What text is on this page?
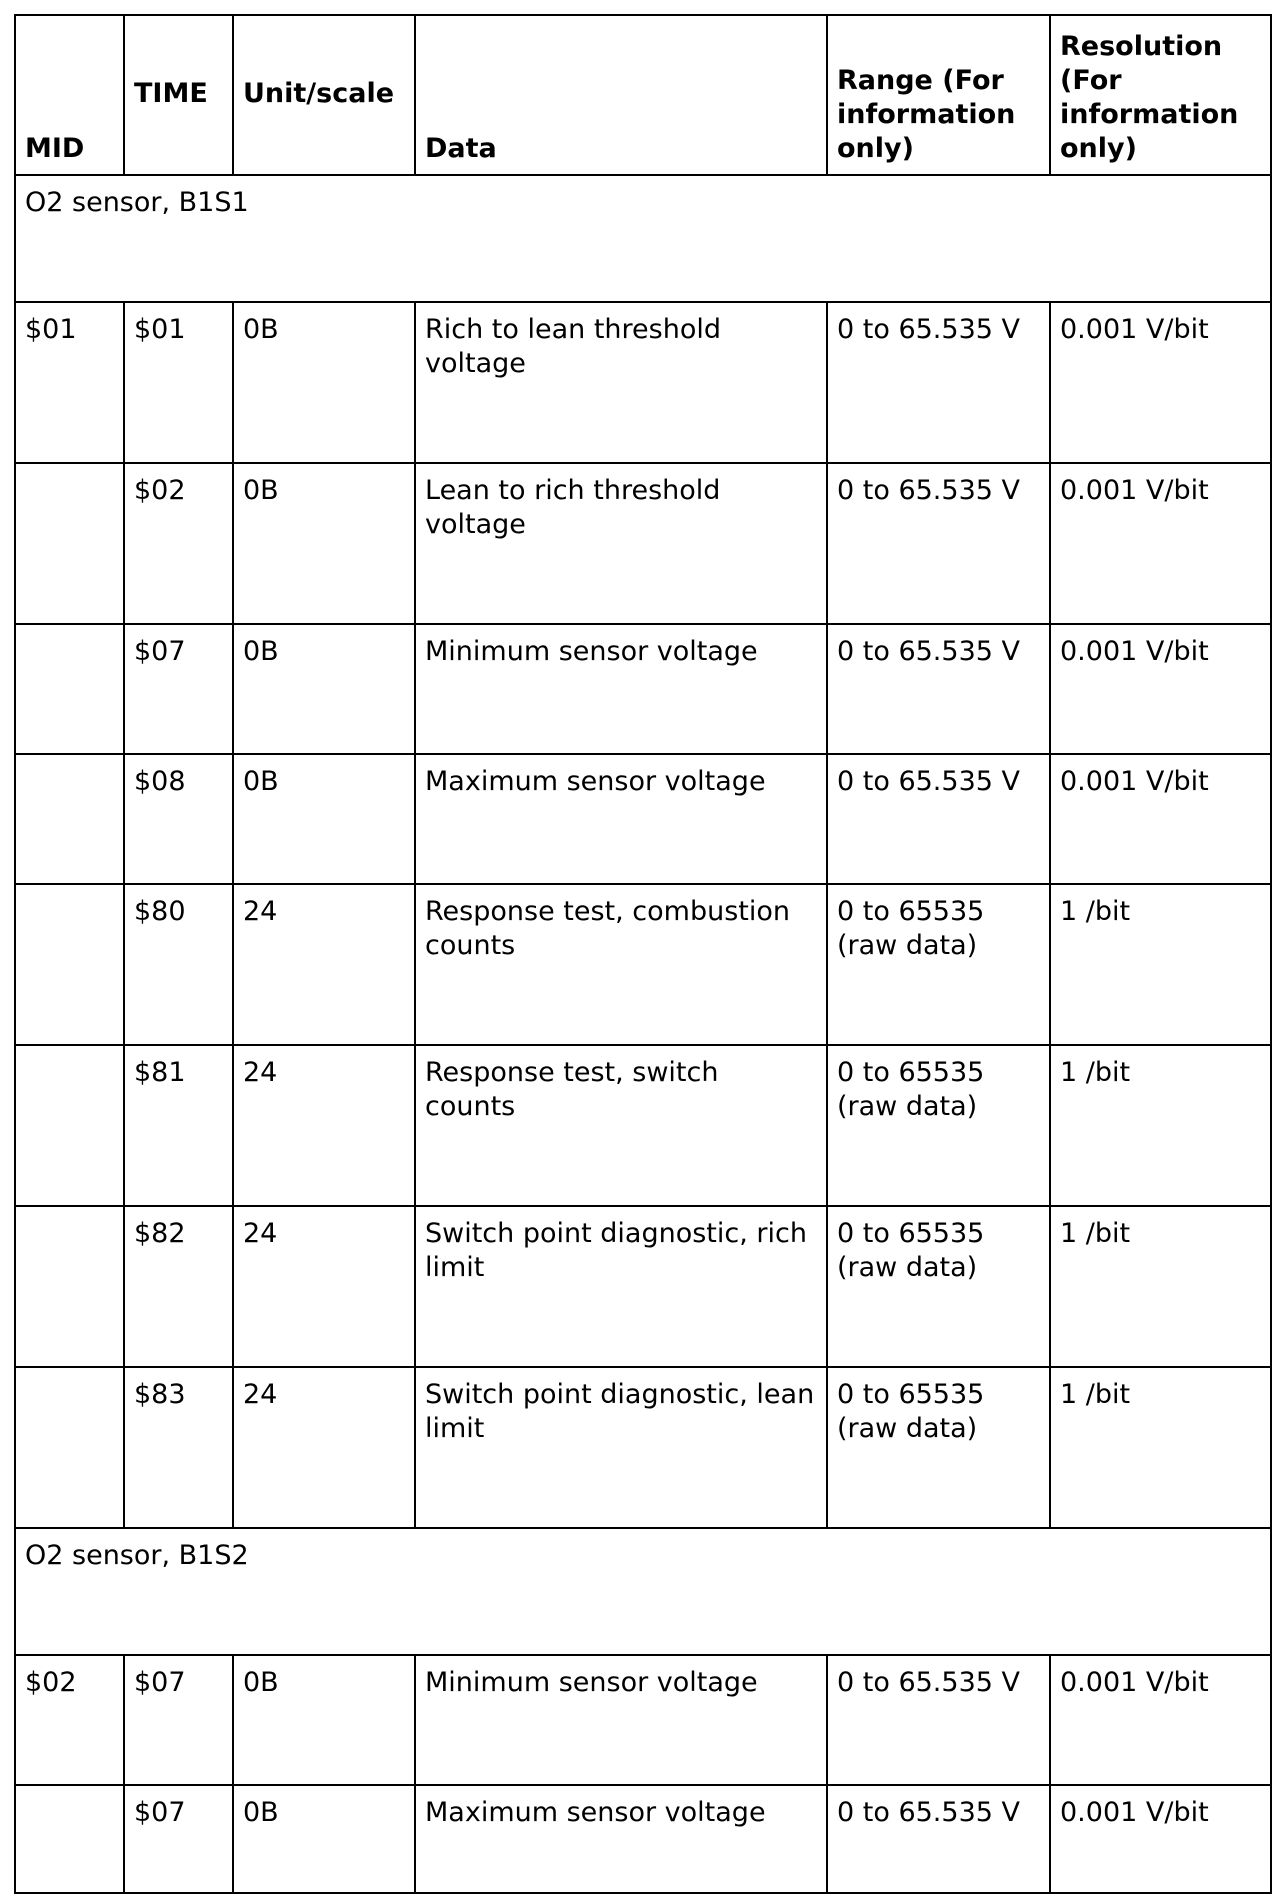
MID	TIME	Unit/scale	Data	Range (For information only)	Resolution (For information only)
O2 sensor, B1S1					
$01	$01	0B	Rich to lean threshold voltage	0 to 65.535 V	0.001 V/bit
	$02	0B	Lean to rich threshold voltage	0 to 65.535 V	0.001 V/bit
	$07	0B	Minimum sensor voltage	0 to 65.535 V	0.001 V/bit
	$08	0B	Maximum sensor voltage	0 to 65.535 V	0.001 V/bit
	$80	24	Response test, combustion counts	0 to 65535 (raw data)	1 /bit
	$81	24	Response test, switch counts	0 to 65535 (raw data)	1 /bit
	$82	24	Switch point diagnostic, rich limit	0 to 65535 (raw data)	1 /bit
	$83	24	Switch point diagnostic, lean limit	0 to 65535 (raw data)	1 /bit
O2 sensor, B1S2					
$02	$07	0B	Minimum sensor voltage	0 to 65.535 V	0.001 V/bit
	$07	0B	Maximum sensor voltage	0 to 65.535 V	0.001 V/bit
